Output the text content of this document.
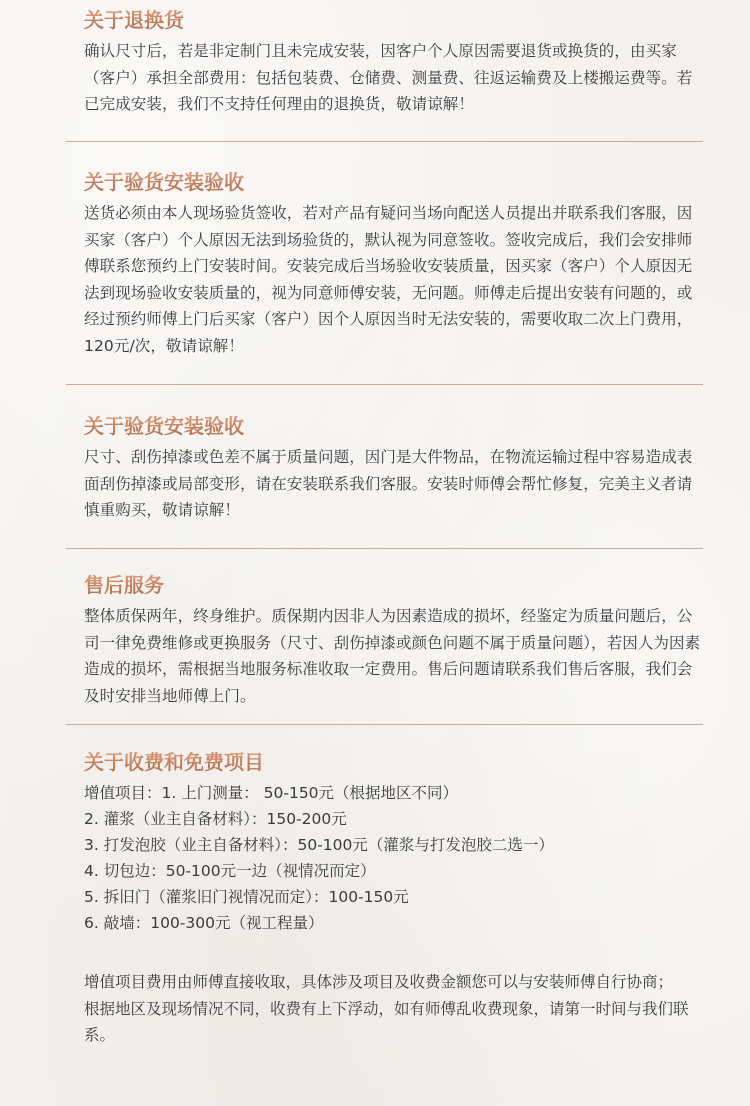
关于退换货

确认尺寸后，若是非定制门且未完成安装，因客户个人原因需要退货或换货的，由买家（客户）承担全部费用：包括包装费、仓储费、测量费、往返运输费及上楼搬运费等。若已完成安装，我们不支持任何理由的退换货，敬请谅解！

关于验货安装验收

送货必须由本人现场验货签收，若对产品有疑问当场向配送人员提出并联系我们客服，因买家（客户）个人原因无法到场验货的，默认视为同意签收。签收完成后，我们会安排师傅联系您预约上门安装时间。安装完成后当场验收安装质量，因买家（客户）个人原因无法到现场验收安装质量的，视为同意师傅安装，无问题。师傅走后提出安装有问题的，或经过预约师傅上门后买家（客户）因个人原因当时无法安装的，需要收取二次上门费用，120元/次，敬请谅解！

关于验货安装验收

尺寸、刮伤掉漆或色差不属于质量问题，因门是大件物品，在物流运输过程中容易造成表面刮伤掉漆或局部变形，请在安装联系我们客服。安装时师傅会帮忙修复，完美主义者请慎重购买，敬请谅解！

售后服务

整体质保两年，终身维护。质保期内因非人为因素造成的损坏，经鉴定为质量问题后，公司一律免费维修或更换服务（尺寸、刮伤掉漆或颜色问题不属于质量问题），若因人为因素造成的损坏，需根据当地服务标准收取一定费用。售后问题请联系我们售后客服，我们会及时安排当地师傅上门。

关于收费和免费项目
增值项目：1. 上门测量： 50-150元（根据地区不同）
2. 灌浆（业主自备材料）：150-200元
3. 打发泡胶（业主自备材料）：50-100元（灌浆与打发泡胶二选一）
4. 切包边：50-100元一边（视情况而定）
5. 拆旧门（灌浆旧门视情况而定）：100-150元
6. 敲墙：100-300元（视工程量）

增值项目费用由师傅直接收取，具体涉及项目及收费金额您可以与安装师傅自行协商；

根据地区及现场情况不同，收费有上下浮动，如有师傅乱收费现象，请第一时间与我们联系。
